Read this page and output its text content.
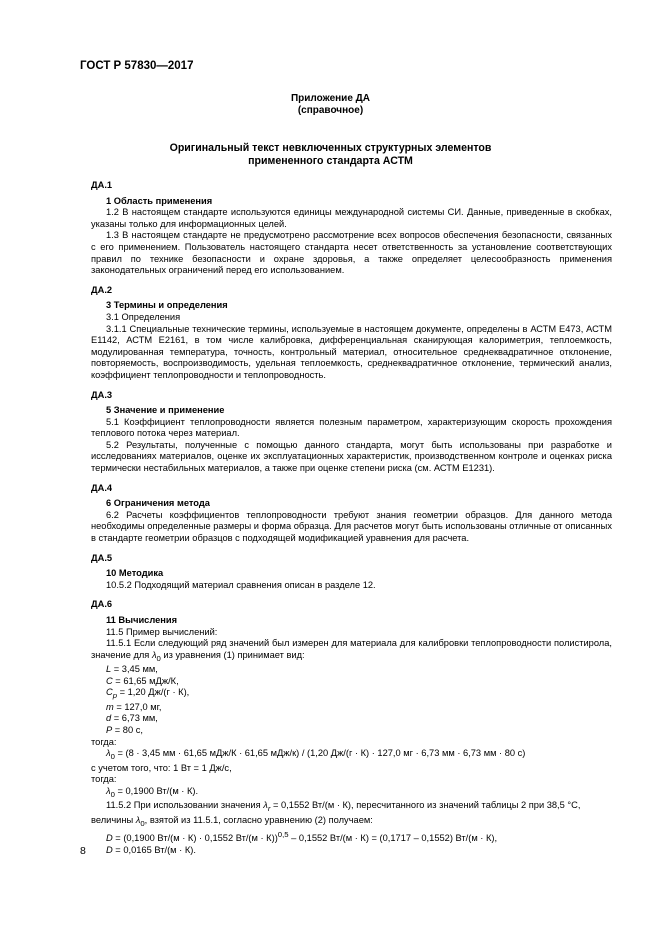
ГОСТ Р 57830—2017
Приложение ДА
(справочное)
Оригинальный текст невключенных структурных элементов
примененного стандарта АСТМ

ДА.1

1 Область применения

1.2 В настоящем стандарте используются единицы международной системы СИ. Данные, приведенные в скобках, указаны только для информационных целей.

1.3 В настоящем стандарте не предусмотрено рассмотрение всех вопросов обеспечения безопасности, связанных с его применением. Пользователь настоящего стандарта несет ответственность за установление соответствующих правил по технике безопасности и охране здоровья, а также определяет целесообразность применения законодательных ограничений перед его использованием.

ДА.2

3 Термины и определения

3.1 Определения

3.1.1 Специальные технические термины, используемые в настоящем документе, определены в АСТМ Е473, АСТМ Е1142, АСТМ Е2161, в том числе калибровка, дифференциальная сканирующая калориметрия, теплоемкость, модулированная температура, точность, контрольный материал, относительное среднеквадратичное отклонение, повторяемость, воспроизводимость, удельная теплоемкость, среднеквадратичное отклонение, термический анализ, коэффициент теплопроводности и теплопроводность.

ДА.3

5 Значение и применение

5.1 Коэффициент теплопроводности является полезным параметром, характеризующим скорость прохождения теплового потока через материал.

5.2 Результаты, полученные с помощью данного стандарта, могут быть использованы при разработке и исследованиях материалов, оценке их эксплуатационных характеристик, производственном контроле и оценках риска термически нестабильных материалов, а также при оценке степени риска (см. АСТМ Е1231).

ДА.4

6 Ограничения метода

6.2 Расчеты коэффициентов теплопроводности требуют знания геометрии образцов. Для данного метода необходимы определенные размеры и форма образца. Для расчетов могут быть использованы отличные от описанных в стандарте геометрии образцов с подходящей модификацией уравнения для расчета.

ДА.5

10 Методика

10.5.2 Подходящий материал сравнения описан в разделе 12.

ДА.6

11 Вычисления

11.5 Пример вычислений:

11.5.1 Если следующий ряд значений был измерен для материала для калибровки теплопроводности полистирола, значение для $\lambda_0$ из уравнения (1) принимает вид:

L = 3,45 мм,

C = 61,65 мДж/К,

$C_p = 1,20$ Дж/(г · К),

m = 127,0 мг,

d = 6,73 мм,

P = 80 с,

тогда:

$\lambda_0 = (8 \cdot 3,45$ мм · 61,65 мДж/К · 61,65 мДж/к) / (1,20 Дж/(г · К) · 127,0 мг · 6,73 мм · 6,73 мм · 80 с)

с учетом того, что: 1 Вт = 1 Дж/с,

тогда:

$\lambda_0 = 0,1900$ Вт/(м · К).

11.5.2 При использовании значения $\lambda_r = 0,1552$ Вт/(м · К), пересчитанного из значений таблицы 2 при 38,5 °С,

величины $\lambda_0$, взятой из 11.5.1, согласно уравнению (2) получаем:

D = (0,1900 Вт/(м · К) · 0,1552 Вт/(м · К))$^{0,5}$ – 0,1552 Вт/(м · К) = (0,1717 – 0,1552) Вт/(м · К),

D = 0,0165 Вт/(м · К).

8
